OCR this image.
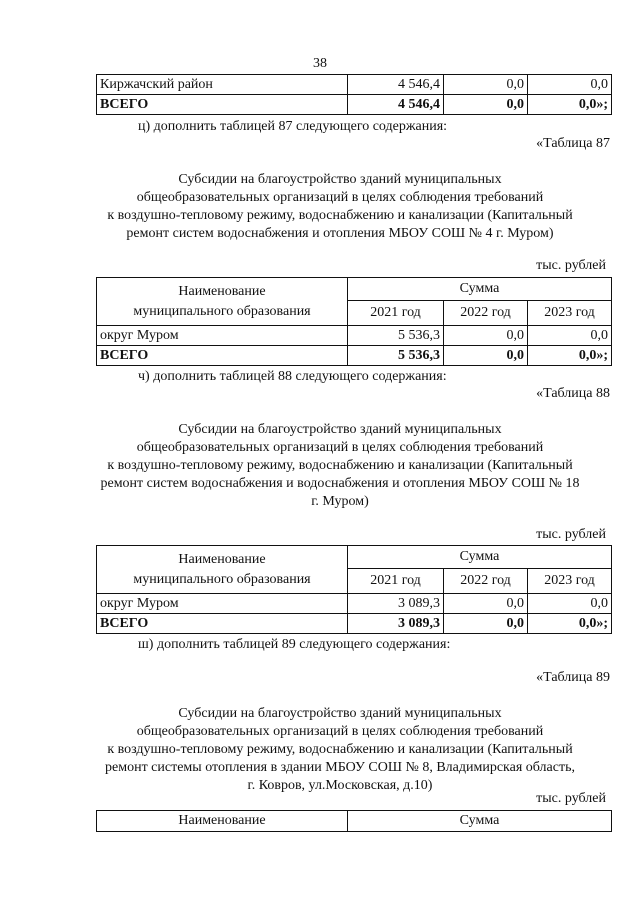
38
Киржачский район	4 546,4	0,0	0,0
ВСЕГО	4 546,4	0,0	0,0»;
ц) дополнить таблицей 87 следующего содержания:
«Таблица 87
Субсидии на благоустройство зданий муниципальных
общеобразовательных организаций в целях соблюдения требований
к воздушно-тепловому режиму, водоснабжению и канализации (Капитальный
ремонт систем водоснабжения и отопления МБОУ СОШ № 4 г. Муром)
тыс. рублей
Наименование
муниципального образования	Сумма		
	2021 год	2022 год	2023 год
округ Муром	5 536,3	0,0	0,0
ВСЕГО	5 536,3	0,0	0,0»;
ч) дополнить таблицей 88 следующего содержания:
«Таблица 88
Субсидии на благоустройство зданий муниципальных
общеобразовательных организаций в целях соблюдения требований
к воздушно-тепловому режиму, водоснабжению и канализации (Капитальный
ремонт систем водоснабжения и водоснабжения и отопления МБОУ СОШ № 18
г. Муром)
тыс. рублей
Наименование
муниципального образования	Сумма		
	2021 год	2022 год	2023 год
округ Муром	3 089,3	0,0	0,0
ВСЕГО	3 089,3	0,0	0,0»;
ш) дополнить таблицей 89 следующего содержания:
«Таблица 89
Субсидии на благоустройство зданий муниципальных
общеобразовательных организаций в целях соблюдения требований
к воздушно-тепловому режиму, водоснабжению и канализации (Капитальный
ремонт системы отопления в здании МБОУ СОШ № 8, Владимирская область,
г. Ковров, ул.Московская, д.10)
тыс. рублей
Наименование	Сумма
